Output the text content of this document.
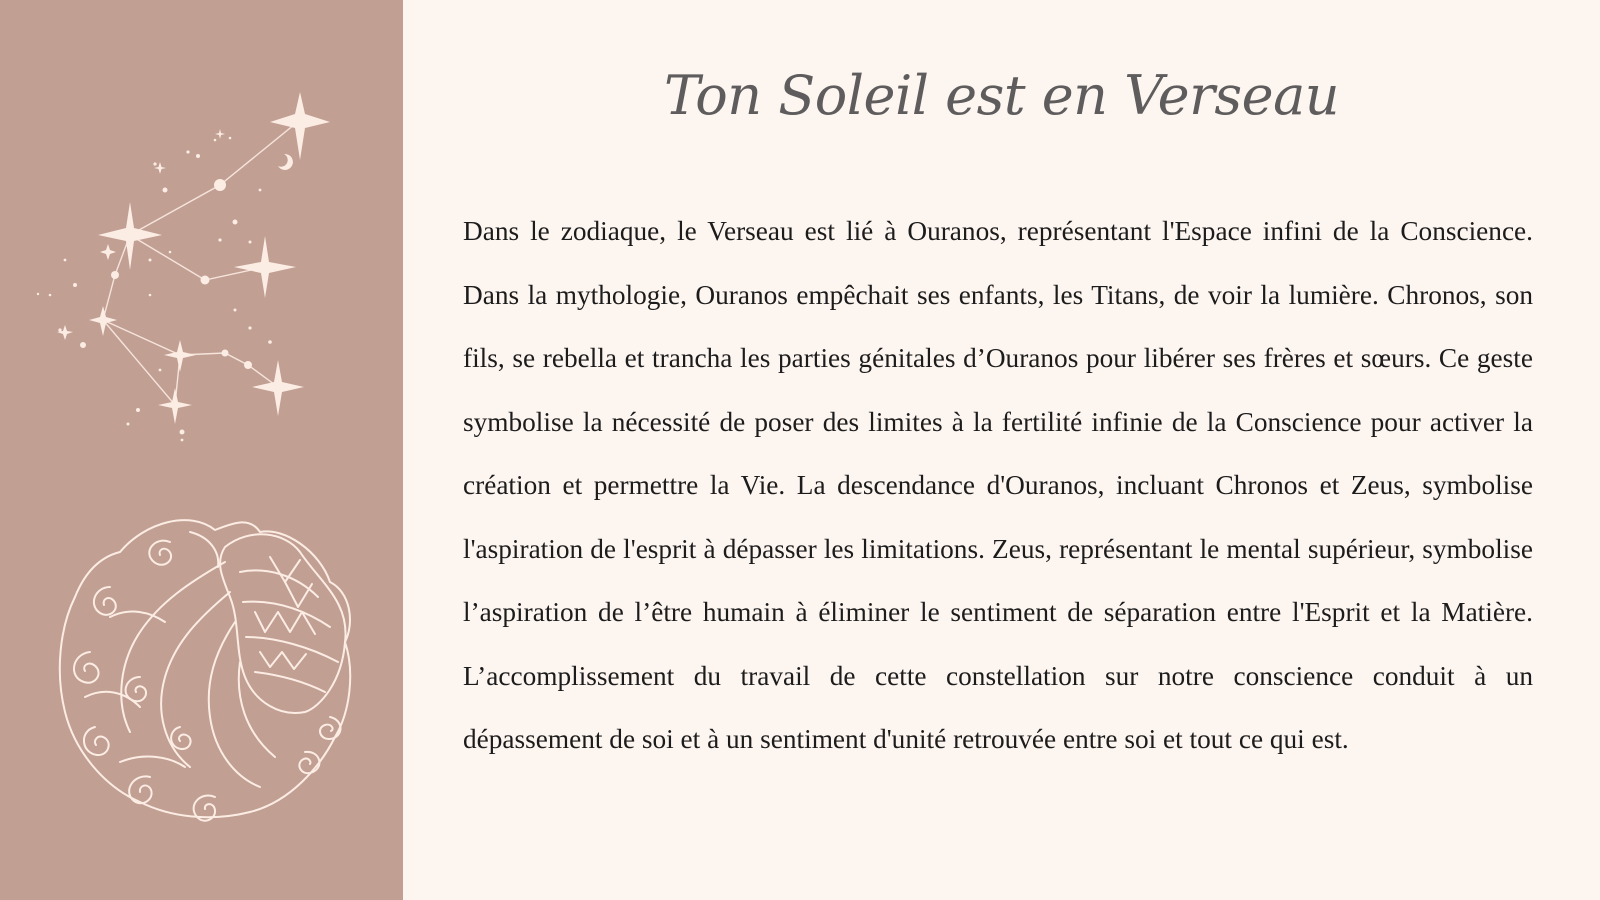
Ton Soleil est en Verseau

Dans le zodiaque, le Verseau est lié à Ouranos, représentant l'Espace infini de la Conscience. Dans la mythologie, Ouranos empêchait ses enfants, les Titans, de voir la lumière. Chronos, son fils, se rebella et trancha les parties génitales d’Ouranos pour libérer ses frères et sœurs. Ce geste symbolise la nécessité de poser des limites à la fertilité infinie de la Conscience pour activer la création et permettre la Vie. La descendance d'Ouranos, incluant Chronos et Zeus, symbolise l'aspiration de l'esprit à dépasser les limitations. Zeus, représentant le mental supérieur, symbolise l’aspiration de l’être humain à éliminer le sentiment de séparation entre l'Esprit et la Matière. L’accomplissement du travail de cette constellation sur notre conscience conduit à un dépassement de soi et à un sentiment d'unité retrouvée entre soi et tout ce qui est.
